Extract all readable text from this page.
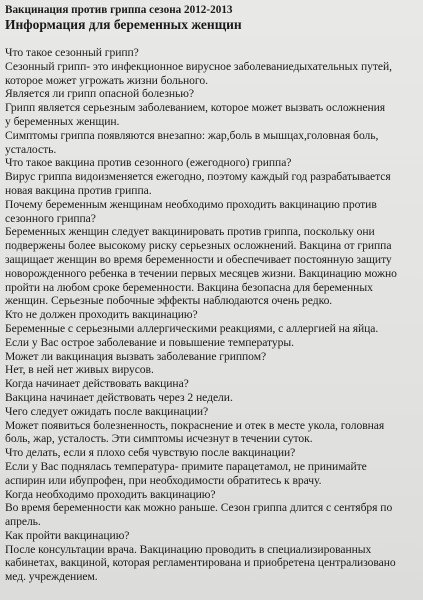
Вакцинация против гриппа сезона 2012-2013

Информация для беременных женщин

Что такое сезонный грипп?

Сезонный грипп- это инфекционное вирусное заболеваниедыхательных путей,

которое может угрожать жизни больного.

Является ли грипп опасной болезнью?

Грипп является серьезным заболеванием, которое может вызвать осложнения

у беременных женщин.

Симптомы гриппа появляются внезапно: жар,боль в мышцах,головная боль,

усталость.

Что такое вакцина против сезонного (ежегодного) гриппа?

Вирус гриппа видоизменяется ежегодно, поэтому каждый год разрабатывается

новая вакцина против гриппа.

Почему беременным женщинам необходимо проходить вакцинацию против

сезонного гриппа?

Беременных женщин следует вакцинировать против гриппа, поскольку они

подвержены более высокому риску серьезных осложнений. Вакцина от гриппа

защищает женщин во время беременности и обеспечивает постоянную защиту

новорожденного ребенка в течении первых месяцев жизни. Вакцинацию можно

пройти на любом сроке беременности. Вакцина безопасна для беременных

женщин. Серьезные побочные эффекты наблюдаются очень редко.

Кто не должен проходить вакцинацию?

Беременные с серьезными аллергическими реакциями, с аллергией на яйца.

Если у Вас острое заболевание и повышение температуры.

Может ли вакцинация вызвать заболевание гриппом?

Нет, в ней нет живых вирусов.

Когда начинает действовать вакцина?

Вакцина начинает действовать через 2 недели.

Чего следует ожидать после вакцинации?

Может появиться болезненность, покраснение и отек в месте укола, головная

боль, жар, усталость. Эти симптомы исчезнут в течении суток.

Что делать, если я плохо себя чувствую после вакцинации?

Если у Вас поднялась температура- примите парацетамол, не принимайте

аспирин или ибупрофен, при необходимости обратитесь к врачу.

Когда необходимо проходить вакцинацию?

Во время беременности как можно раньше. Сезон гриппа длится с сентября по

апрель.

Как пройти вакцинацию?

После консультации врача. Вакцинацию проводить в специализированных

кабинетах, вакциной, которая регламентирована и приобретена централизовано

мед. учреждением.
